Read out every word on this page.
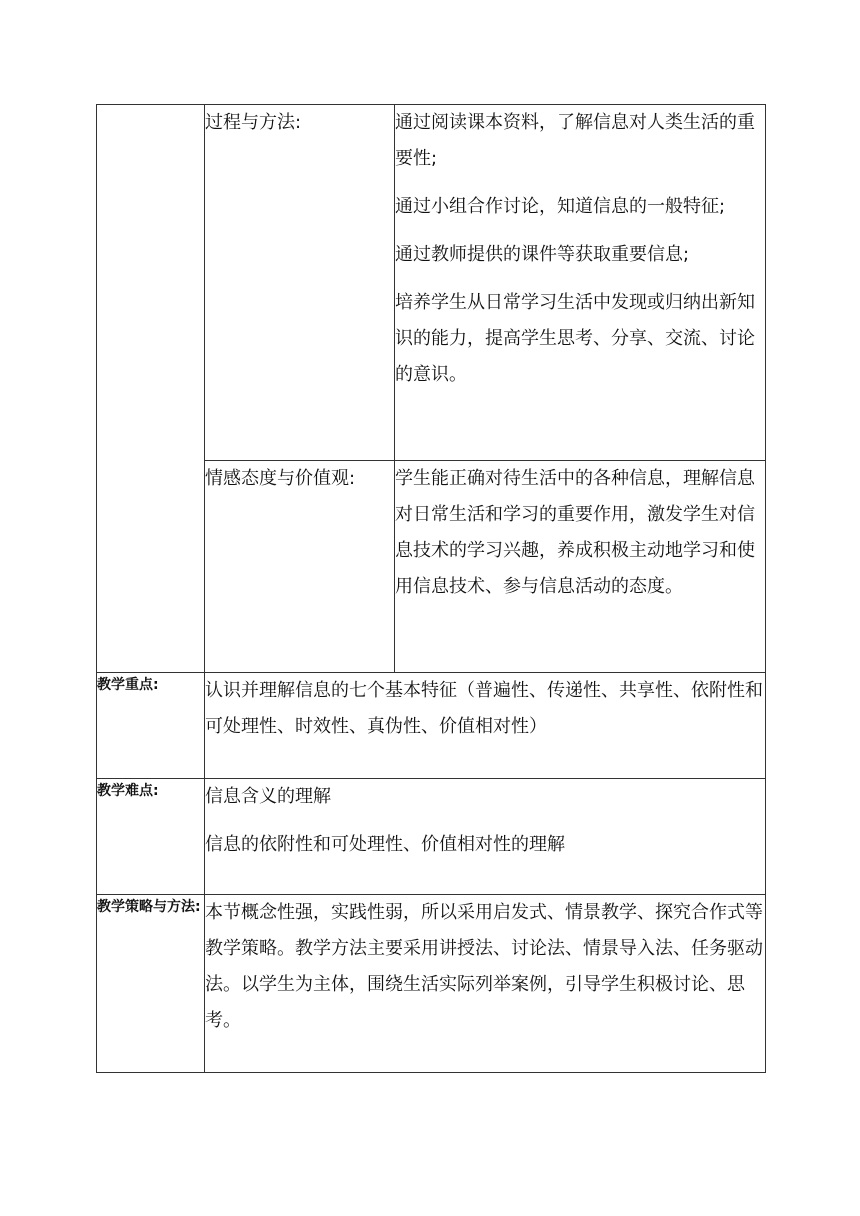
	过程与方法:	通过阅读课本资料，了解信息对人类生活的重要性;

通过小组合作讨论，知道信息的一般特征;

通过教师提供的课件等获取重要信息;

培养学生从日常学习生活中发现或归纳出新知识的能力，提高学生思考、分享、交流、讨论的意识。

	情感态度与价值观:	学生能正确对待生活中的各种信息，理解信息对日常生活和学习的重要作用，激发学生对信息技术的学习兴趣，养成积极主动地学习和使用信息技术、参与信息活动的态度。

教学重点:	认识并理解信息的七个基本特征（普遍性、传递性、共享性、依附性和可处理性、时效性、真伪性、价值相对性）	

教学难点:	信息含义的理解

信息的依附性和可处理性、价值相对性的理解	

教学策略与方法:	本节概念性强，实践性弱，所以采用启发式、情景教学、探究合作式等教学策略。教学方法主要采用讲授法、讨论法、情景导入法、任务驱动法。以学生为主体，围绕生活实际列举案例，引导学生积极讨论、思考。	
